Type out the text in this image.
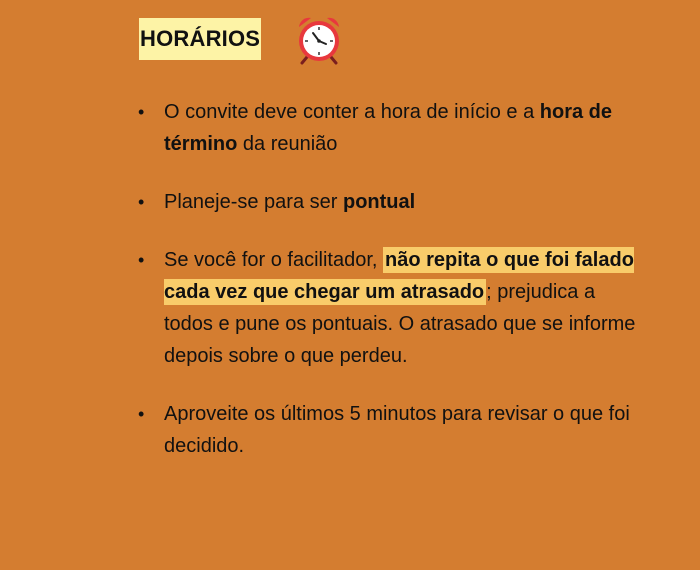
HORÁRIOS
• O convite deve conter a hora de início e a hora de término da reunião
• Planeje-se para ser pontual
• Se você for o facilitador, não repita o que foi falado cada vez que chegar um atrasado ; prejudica a todos e pune os pontuais. O atrasado que se informe depois sobre o que perdeu.
• Aproveite os últimos 5 minutos para revisar o que foi decidido.
